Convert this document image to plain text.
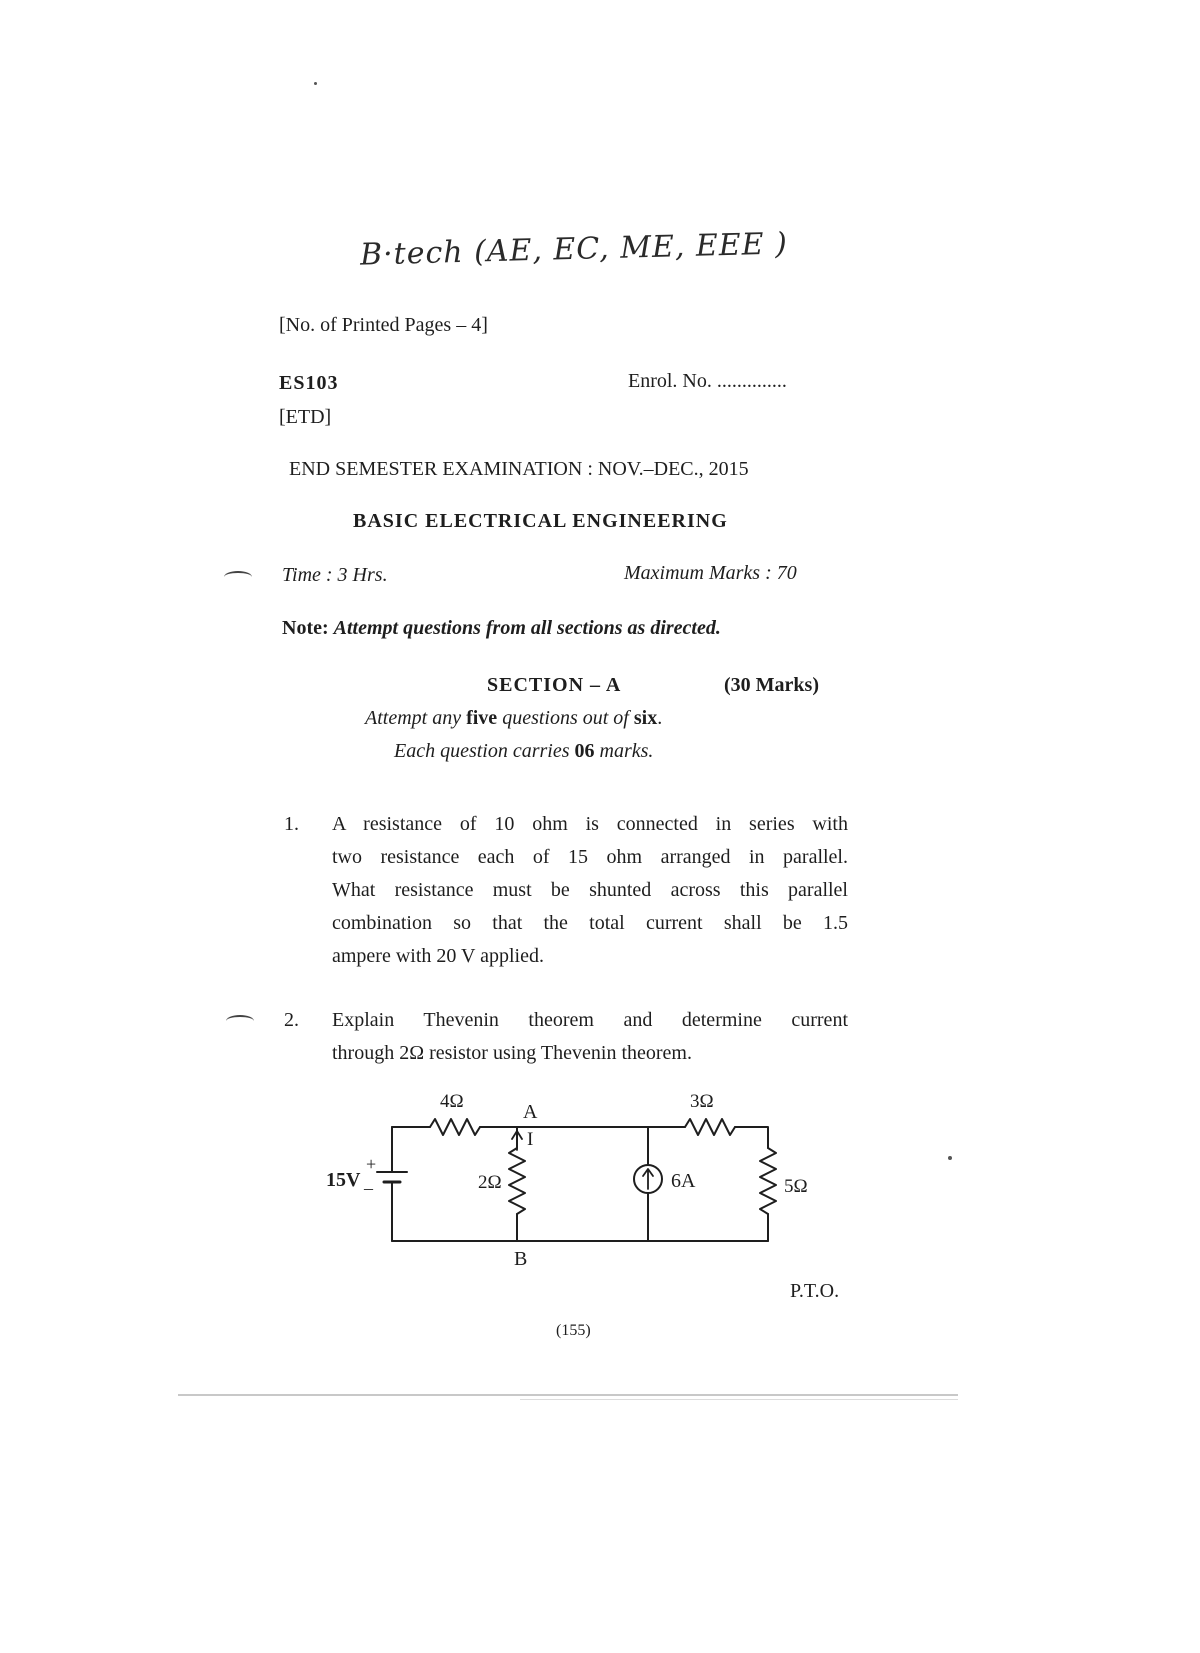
B·tech (AE, EC, ME, EEE )
[No. of Printed Pages – 4]
ES103	Enrol. No. ..............
[ETD]
END SEMESTER EXAMINATION : NOV.–DEC., 2015
BASIC ELECTRICAL ENGINEERING
Time : 3 Hrs.	Maximum Marks : 70
Note: Attempt questions from all sections as directed.
SECTION – A	(30 Marks)
Attempt any five questions out of six.
Each question carries 06 marks.
1. A resistance of 10 ohm is connected in series with
two resistance each of 15 ohm arranged in parallel.
What resistance must be shunted across this parallel
combination so that the total current shall be 1.5
ampere with 20 V applied.
2. Explain Thevenin theorem and determine current
through 2Ω resistor using Thevenin theorem.
15V
+
–
4Ω	A
I
2Ω
B
6A
3Ω
5Ω
P.T.O.
(155)
